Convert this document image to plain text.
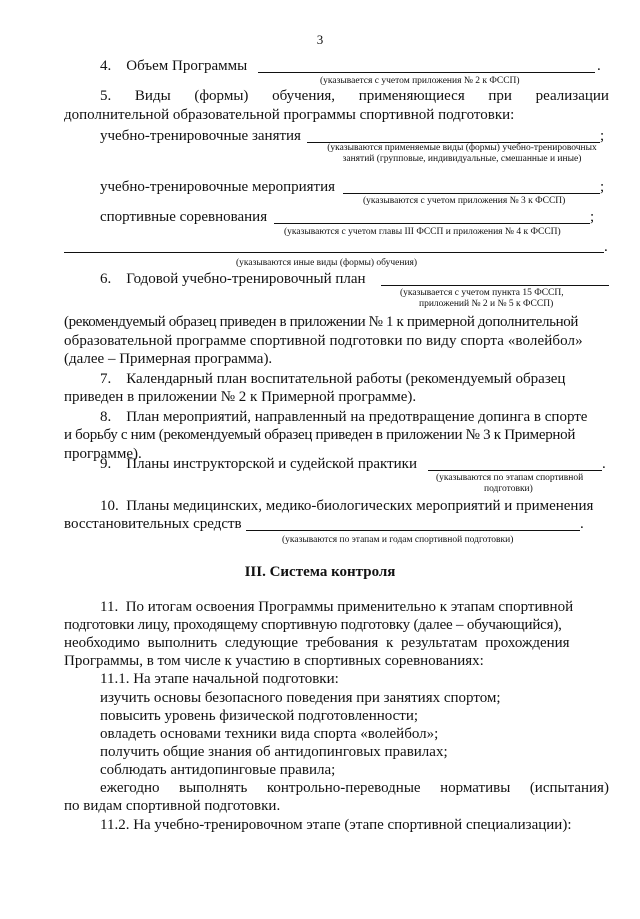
3
4.    Объем Программы	.
(указывается с учетом приложения № 2 к ФССП)
5. Виды (формы) обучения, применяющиеся при реализации
дополнительной образовательной программы спортивной подготовки:
учебно-тренировочные занятия	;
(указываются применяемые виды (формы) учебно-тренировочных занятий (групповые, индивидуальные, смешанные и иные)
учебно-тренировочные мероприятия	;
(указываются с учетом приложения № 3 к ФССП)
спортивные соревнования	;
(указываются с учетом главы III ФССП и приложения № 4 к ФССП)
.
(указываются иные виды (формы) обучения)
6.    Годовой учебно-тренировочный план
(указывается с учетом пункта 15 ФССП,
приложений № 2 и № 5 к ФССП)
(рекомендуемый образец приведен в приложении № 1 к примерной дополнительной
образовательной программе спортивной подготовки по виду спорта «волейбол»
(далее – Примерная программа).
7.    Календарный план воспитательной работы (рекомендуемый образец
приведен в приложении № 2 к Примерной программе).
8.    План мероприятий, направленный на предотвращение допинга в спорте
и борьбу с ним (рекомендуемый образец приведен в приложении № 3 к Примерной
программе).
9.    Планы инструкторской и судейской практики	.
(указываются по этапам спортивной
подготовки)
10.  Планы медицинских, медико-биологических мероприятий и применения
восстановительных средств	.
(указываются по этапам и годам спортивной подготовки)
III. Система контроля
11.  По итогам освоения Программы применительно к этапам спортивной
подготовки лицу, проходящему спортивную подготовку (далее – обучающийся),
необходимо выполнить следующие требования к результатам прохождения
Программы, в том числе к участию в спортивных соревнованиях:
11.1. На этапе начальной подготовки:
изучить основы безопасного поведения при занятиях спортом;
повысить уровень физической подготовленности;
овладеть основами техники вида спорта «волейбол»;
получить общие знания об антидопинговых правилах;
соблюдать антидопинговые правила;
ежегодно выполнять контрольно-переводные нормативы (испытания)
по видам спортивной подготовки.
11.2. На учебно-тренировочном этапе (этапе спортивной специализации):
